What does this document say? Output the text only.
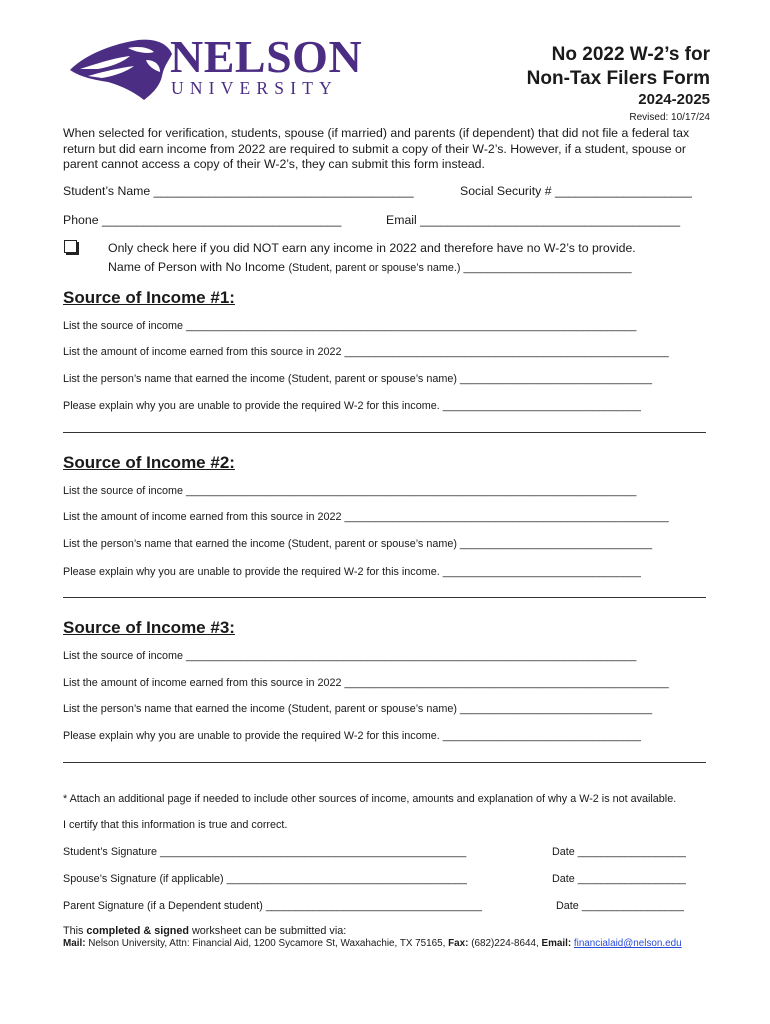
NELSON
UNIVERSITY
No 2022 W-2’s for
Non-Tax Filers Form
2024-2025
Revised: 10/17/24
When selected for verification, students, spouse (if married) and parents (if dependent) that did not file a federal tax return but did earn income from 2022 are required to submit a copy of their W-2’s. However, if a student, spouse or parent cannot access a copy of their W-2’s, they can submit this form instead.
Student’s Name ______________________________________	Social Security # ____________________
Phone ___________________________________	Email ______________________________________
Only check here if you did NOT earn any income in 2022 and therefore have no W-2’s to provide.
Name of Person with No Income (Student, parent or spouse’s name.) ____________________________
Source of Income #1:
List the source of income ___________________________________________________________________________
List the amount of income earned from this source in 2022 ______________________________________________________
List the person’s name that earned the income (Student, parent or spouse’s name) ________________________________
Please explain why you are unable to provide the required W-2 for this income. _________________________________
Source of Income #2:
List the source of income ___________________________________________________________________________
List the amount of income earned from this source in 2022 ______________________________________________________
List the person’s name that earned the income (Student, parent or spouse’s name) ________________________________
Please explain why you are unable to provide the required W-2 for this income. _________________________________
Source of Income #3:
List the source of income ___________________________________________________________________________
List the amount of income earned from this source in 2022 ______________________________________________________
List the person’s name that earned the income (Student, parent or spouse’s name) ________________________________
Please explain why you are unable to provide the required W-2 for this income. _________________________________
* Attach an additional page if needed to include other sources of income, amounts and explanation of why a W-2 is not available.
I certify that this information is true and correct.
Student’s Signature ___________________________________________________	Date __________________
Spouse’s Signature (if applicable) ________________________________________	Date __________________
Parent Signature (if a Dependent student) ____________________________________	Date _________________
This completed & signed worksheet can be submitted via:
Mail: Nelson University, Attn: Financial Aid, 1200 Sycamore St, Waxahachie, TX 75165, Fax: (682)224-8644, Email: financialaid@nelson.edu
